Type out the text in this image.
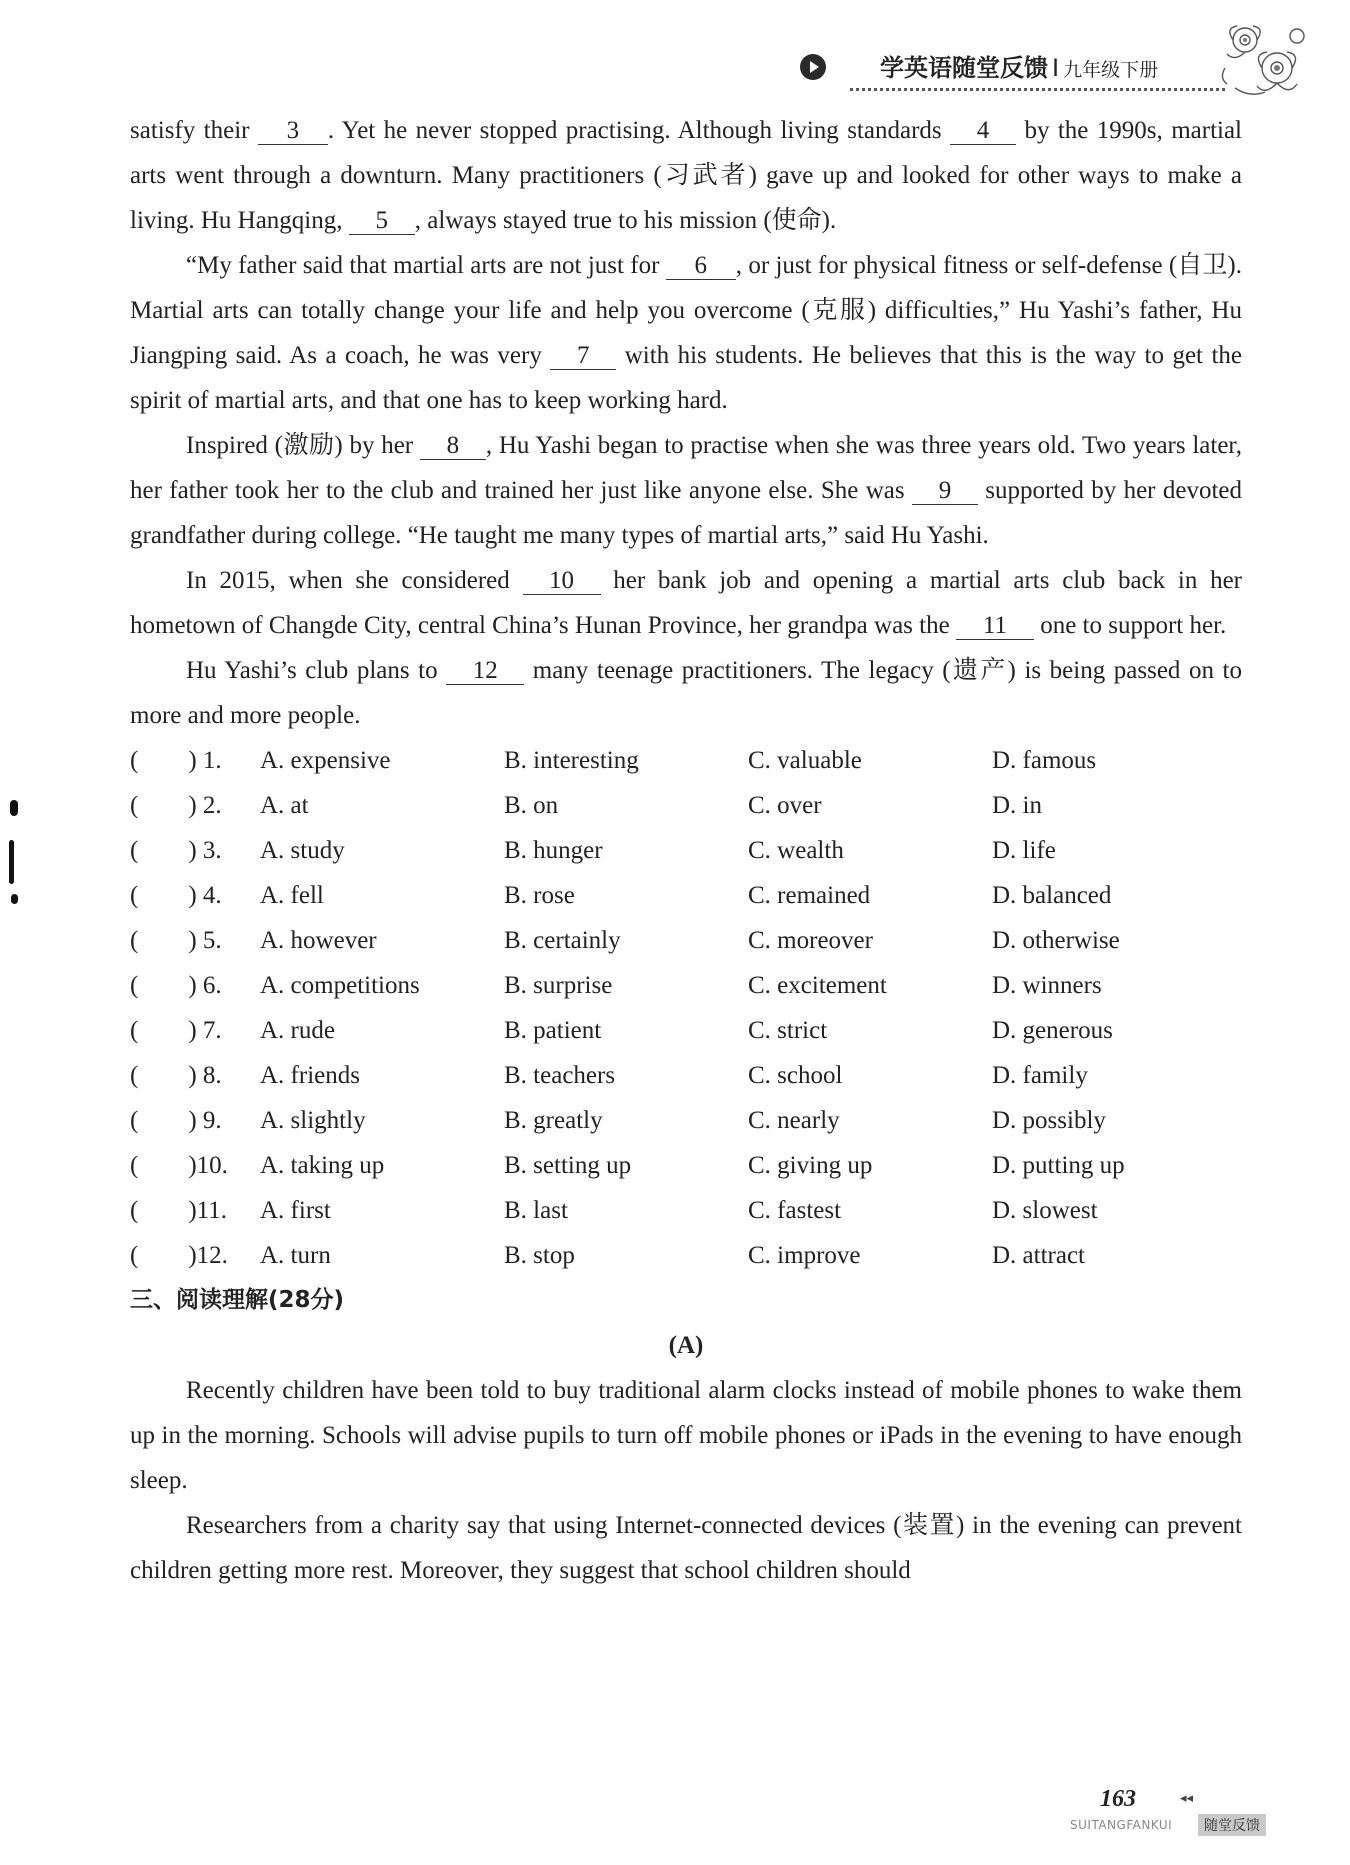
学英语随堂反馈 I 九年级下册

satisfy their 3 . Yet he never stopped practising. Although living standards 4 by the 1990s, martial arts went through a downturn. Many practitioners (习武者) gave up and looked for other ways to make a living. Hu Hangqing, 5 , always stayed true to his mission (使命).

“My father said that martial arts are not just for 6 , or just for physical fitness or self-defense (自卫). Martial arts can totally change your life and help you overcome (克服) difficulties,” Hu Yashi’s father, Hu Jiangping said. As a coach, he was very 7 with his students. He believes that this is the way to get the spirit of martial arts, and that one has to keep working hard.

Inspired (激励) by her 8 , Hu Yashi began to practise when she was three years old. Two years later, her father took her to the club and trained her just like anyone else. She was 9 supported by her devoted grandfather during college. “He taught me many types of martial arts,” said Hu Yashi.

In 2015, when she considered 10 her bank job and opening a martial arts club back in her hometown of Changde City, central China’s Hunan Province, her grandpa was the 11 one to support her.

Hu Yashi’s club plans to 12 many teenage practitioners. The legacy (遗产) is being passed on to more and more people.

(　　) 1.	A. expensive	B. interesting	C. valuable	D. famous
(　　) 2.	A. at	B. on	C. over	D. in
(　　) 3.	A. study	B. hunger	C. wealth	D. life
(　　) 4.	A. fell	B. rose	C. remained	D. balanced
(　　) 5.	A. however	B. certainly	C. moreover	D. otherwise
(　　) 6.	A. competitions	B. surprise	C. excitement	D. winners
(　　) 7.	A. rude	B. patient	C. strict	D. generous
(　　) 8.	A. friends	B. teachers	C. school	D. family
(　　) 9.	A. slightly	B. greatly	C. nearly	D. possibly
(　　)10.	A. taking up	B. setting up	C. giving up	D. putting up
(　　)11.	A. first	B. last	C. fastest	D. slowest
(　　)12.	A. turn	B. stop	C. improve	D. attract
三、阅读理解(28分)
(A)

Recently children have been told to buy traditional alarm clocks instead of mobile phones to wake them up in the morning. Schools will advise pupils to turn off mobile phones or iPads in the evening to have enough sleep.

Researchers from a charity say that using Internet-connected devices (装置) in the evening can prevent children getting more rest. Moreover, they suggest that school children should

163	◂◂
SUITANGFANKUI	随堂反馈
